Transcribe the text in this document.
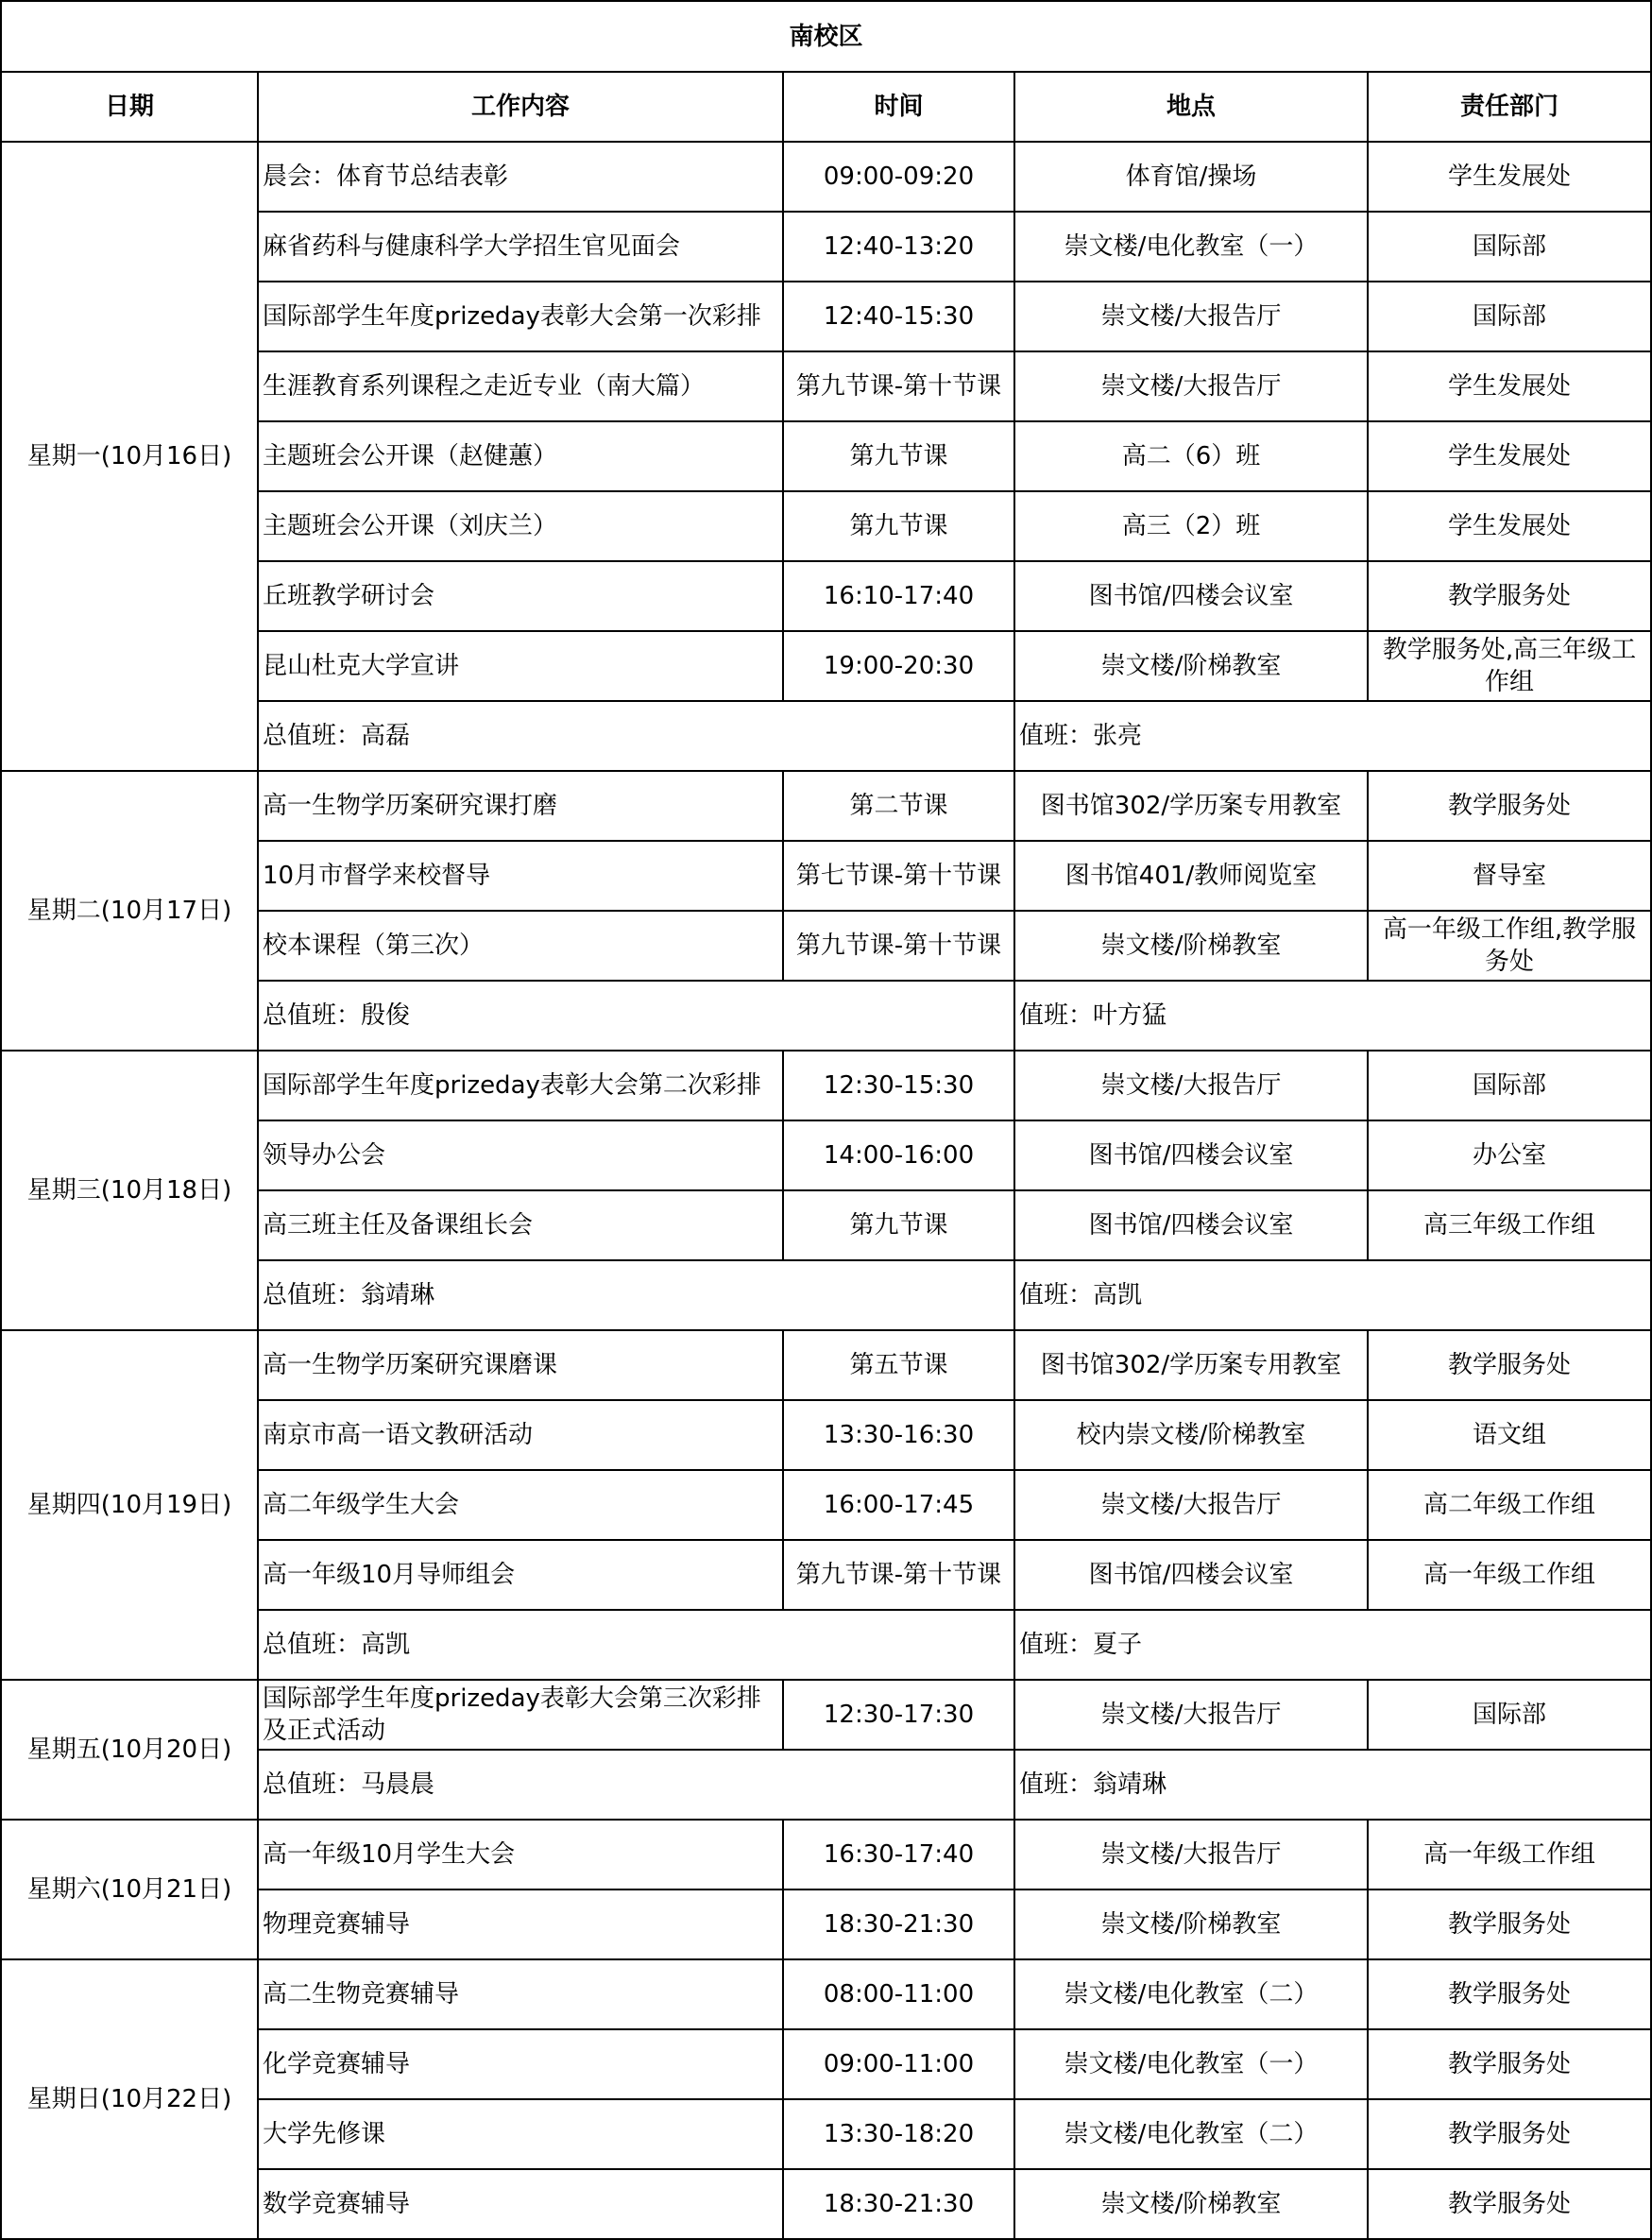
南校区				
日期	工作内容	时间	地点	责任部门
星期一(10月16日)	晨会：体育节总结表彰	09:00-09:20	体育馆/操场	学生发展处
	麻省药科与健康科学大学招生官见面会	12:40-13:20	崇文楼/电化教室（一）	国际部
	国际部学生年度prizeday表彰大会第一次彩排	12:40-15:30	崇文楼/大报告厅	国际部
	生涯教育系列课程之走近专业（南大篇）	第九节课-第十节课	崇文楼/大报告厅	学生发展处
	主题班会公开课（赵健蕙）	第九节课	高二（6）班	学生发展处
	主题班会公开课（刘庆兰）	第九节课	高三（2）班	学生发展处
	丘班教学研讨会	16:10-17:40	图书馆/四楼会议室	教学服务处
	昆山杜克大学宣讲	19:00-20:30	崇文楼/阶梯教室	教学服务处,高三年级工作组
	总值班：高磊		值班：张亮	
星期二(10月17日)	高一生物学历案研究课打磨	第二节课	图书馆302/学历案专用教室	教学服务处
	10月市督学来校督导	第七节课-第十节课	图书馆401/教师阅览室	督导室
	校本课程（第三次）	第九节课-第十节课	崇文楼/阶梯教室	高一年级工作组,教学服务处
	总值班：殷俊		值班：叶方猛	
星期三(10月18日)	国际部学生年度prizeday表彰大会第二次彩排	12:30-15:30	崇文楼/大报告厅	国际部
	领导办公会	14:00-16:00	图书馆/四楼会议室	办公室
	高三班主任及备课组长会	第九节课	图书馆/四楼会议室	高三年级工作组
	总值班：翁靖琳		值班：高凯	
星期四(10月19日)	高一生物学历案研究课磨课	第五节课	图书馆302/学历案专用教室	教学服务处
	南京市高一语文教研活动	13:30-16:30	校内崇文楼/阶梯教室	语文组
	高二年级学生大会	16:00-17:45	崇文楼/大报告厅	高二年级工作组
	高一年级10月导师组会	第九节课-第十节课	图书馆/四楼会议室	高一年级工作组
	总值班：高凯		值班：夏子	
星期五(10月20日)	国际部学生年度prizeday表彰大会第三次彩排及正式活动	12:30-17:30	崇文楼/大报告厅	国际部
	总值班：马晨晨		值班：翁靖琳	
星期六(10月21日)	高一年级10月学生大会	16:30-17:40	崇文楼/大报告厅	高一年级工作组
	物理竞赛辅导	18:30-21:30	崇文楼/阶梯教室	教学服务处
星期日(10月22日)	高二生物竞赛辅导	08:00-11:00	崇文楼/电化教室（二）	教学服务处
	化学竞赛辅导	09:00-11:00	崇文楼/电化教室（一）	教学服务处
	大学先修课	13:30-18:20	崇文楼/电化教室（二）	教学服务处
	数学竞赛辅导	18:30-21:30	崇文楼/阶梯教室	教学服务处
